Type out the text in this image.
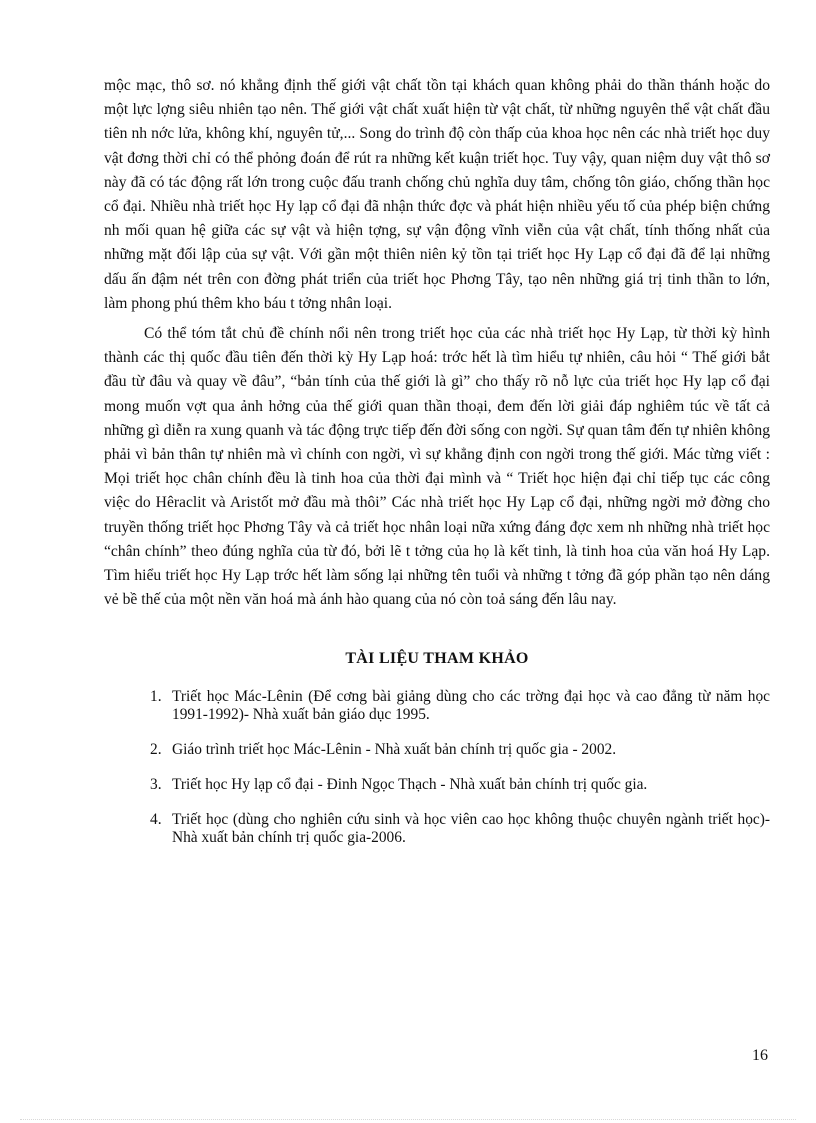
mộc mạc, thô sơ. nó khẳng định thế giới vật chất tồn tại khách quan không phải do thần thánh hoặc do một lực lợng siêu nhiên tạo nên. Thế giới vật chất xuất hiện từ vật chất, từ những nguyên thể vật chất đầu tiên nh nớc lửa, không khí, nguyên tử,... Song do trình độ còn thấp của khoa học nên các nhà triết học duy vật đơng thời chỉ có thể phỏng đoán để rút ra những kết kuận triết học. Tuy vậy, quan niệm duy vật thô sơ này đã có tác động rất lớn trong cuộc đấu tranh chống chủ nghĩa duy tâm, chống tôn giáo, chống thần học cổ đại. Nhiều nhà triết học Hy lạp cổ đại đã nhận thức đợc và phát hiện nhiều yếu tố của phép biện chứng nh mối quan hệ giữa các sự vật và hiện tợng, sự vận động vĩnh viễn của vật chất, tính thống nhất của những mặt đối lập của sự vật. Với gần một thiên niên kỷ tồn tại triết học Hy Lạp cổ đại đã để lại những dấu ấn đậm nét trên con đờng phát triển của triết học Phơng Tây, tạo nên những giá trị tinh thần to lớn, làm phong phú thêm kho báu t tởng nhân loại.

Có thể tóm tắt chủ đề chính nổi nên trong triết học của các nhà triết học Hy Lạp, từ thời kỳ hình thành các thị quốc đầu tiên đến thời kỳ Hy Lạp hoá: trớc hết là tìm hiểu tự nhiên, câu hỏi “ Thế giới bắt đầu từ đâu và quay về đâu”, “bản tính của thế giới là gì” cho thấy rõ nỗ lực của triết học Hy lạp cổ đại mong muốn vợt qua ảnh hởng của thế giới quan thần thoại, đem đến lời giải đáp nghiêm túc về tất cả những gì diễn ra xung quanh và tác động trực tiếp đến đời sống con ngời. Sự quan tâm đến tự nhiên không phải vì bản thân tự nhiên mà vì chính con ngời, vì sự khẳng định con ngời trong thế giới. Mác từng viết : Mọi triết học chân chính đều là tinh hoa của thời đại mình và “ Triết học hiện đại chỉ tiếp tục các công việc do Hêraclit và Aristốt mở đầu mà thôi” Các nhà triết học Hy Lạp cổ đại, những ngời mở đờng cho truyền thống triết học Phơng Tây và cả triết học nhân loại nữa xứng đáng đợc xem nh những nhà triết học “chân chính” theo đúng nghĩa của từ đó, bởi lẽ t tởng của họ là kết tinh, là tinh hoa của văn hoá Hy Lạp. Tìm hiểu triết học Hy Lạp trớc hết làm sống lại những tên tuổi và những t tởng đã góp phần tạo nên dáng vẻ bề thế của một nền văn hoá mà ánh hào quang của nó còn toả sáng đến lâu nay.

TÀI LIỆU THAM KHẢO
1. Triết học Mác-Lênin (Để cơng bài giảng dùng cho các trờng đại học và cao đẳng từ năm học 1991-1992)- Nhà xuất bản giáo dục 1995.
2. Giáo trình triết học Mác-Lênin - Nhà xuất bản chính trị quốc gia - 2002.
3. Triết học Hy lạp cổ đại - Đinh Ngọc Thạch - Nhà xuất bản chính trị quốc gia.
4. Triết học (dùng cho nghiên cứu sinh và học viên cao học không thuộc chuyên ngành triết học)- Nhà xuất bản chính trị quốc gia-2006.
16
